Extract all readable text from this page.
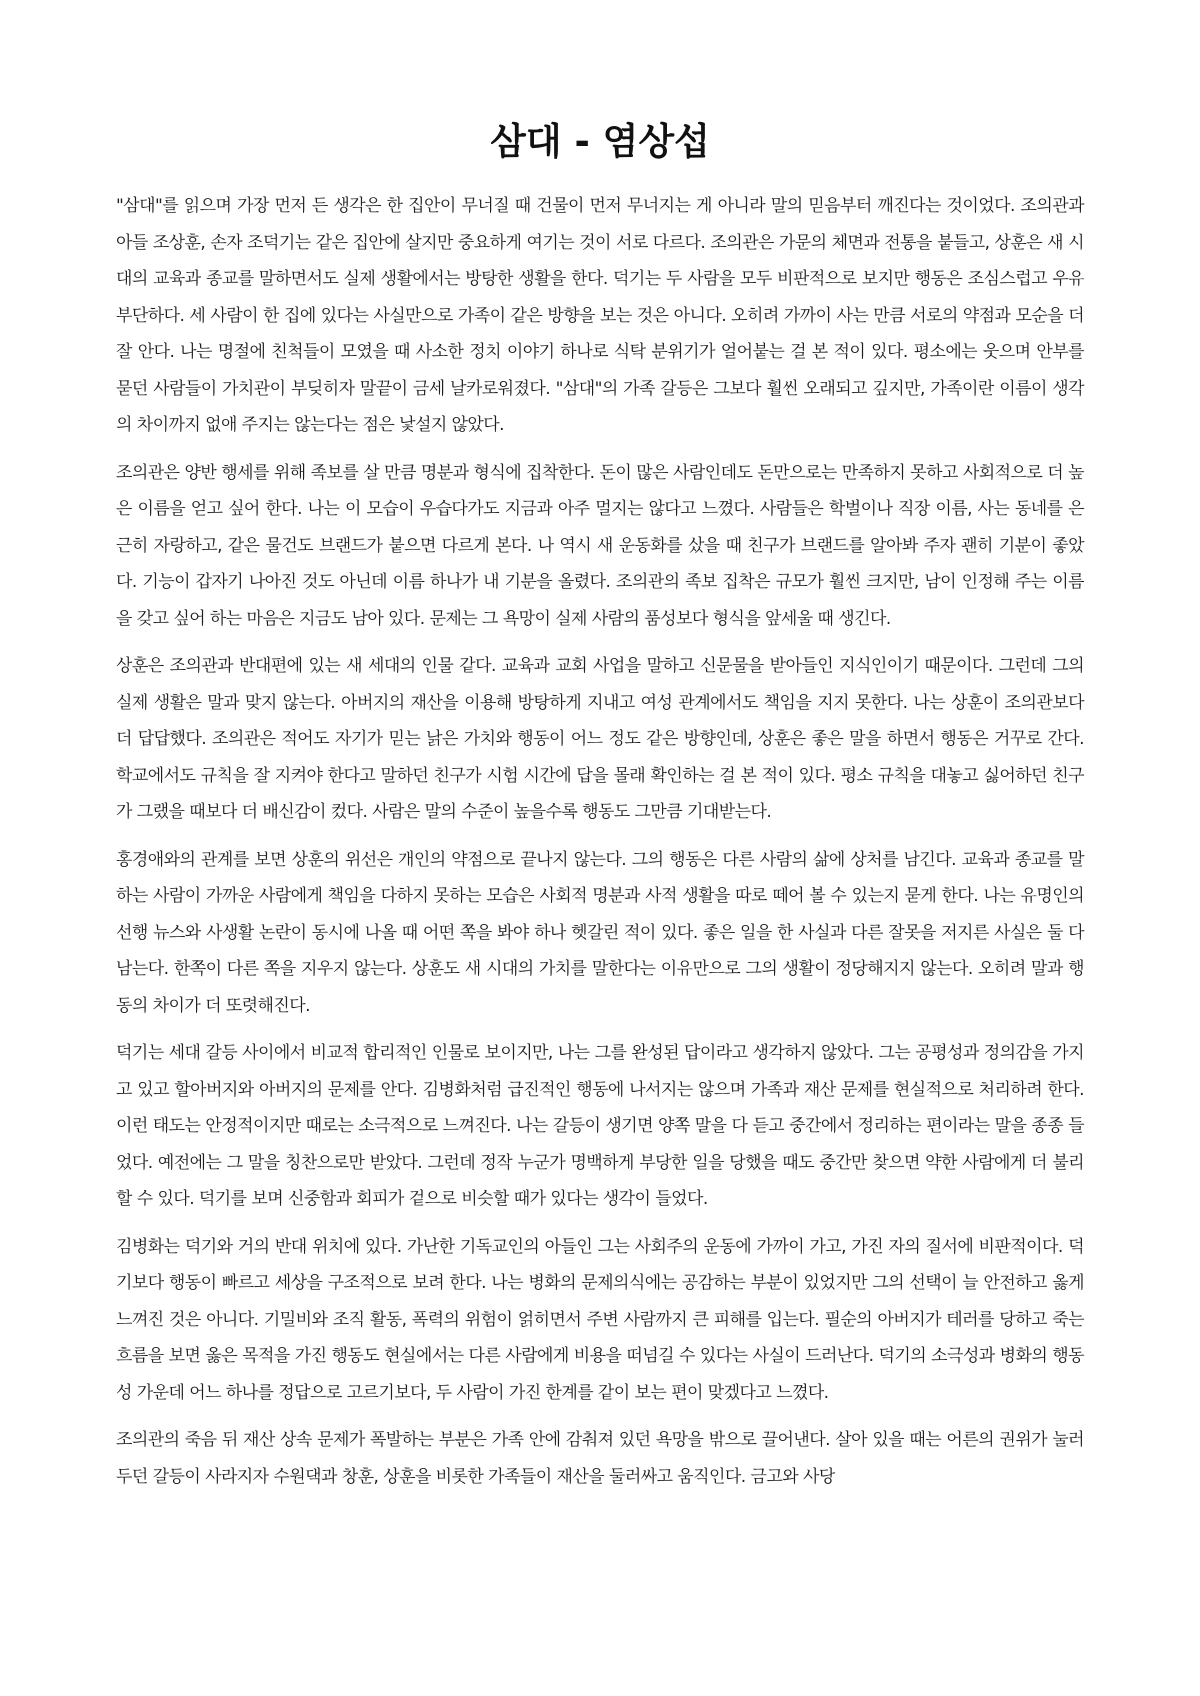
삼대 - 염상섭

"삼대"를 읽으며 가장 먼저 든 생각은 한 집안이 무너질 때 건물이 먼저 무너지는 게 아니라 말의 믿음부터 깨진다는 것이었다. 조의관과 아들 조상훈, 손자 조덕기는 같은 집안에 살지만 중요하게 여기는 것이 서로 다르다. 조의관은 가문의 체면과 전통을 붙들고, 상훈은 새 시대의 교육과 종교를 말하면서도 실제 생활에서는 방탕한 생활을 한다. 덕기는 두 사람을 모두 비판적으로 보지만 행동은 조심스럽고 우유부단하다. 세 사람이 한 집에 있다는 사실만으로 가족이 같은 방향을 보는 것은 아니다. 오히려 가까이 사는 만큼 서로의 약점과 모순을 더 잘 안다. 나는 명절에 친척들이 모였을 때 사소한 정치 이야기 하나로 식탁 분위기가 얼어붙는 걸 본 적이 있다. 평소에는 웃으며 안부를 묻던 사람들이 가치관이 부딪히자 말끝이 금세 날카로워졌다. "삼대"의 가족 갈등은 그보다 훨씬 오래되고 깊지만, 가족이란 이름이 생각의 차이까지 없애 주지는 않는다는 점은 낯설지 않았다.

조의관은 양반 행세를 위해 족보를 살 만큼 명분과 형식에 집착한다. 돈이 많은 사람인데도 돈만으로는 만족하지 못하고 사회적으로 더 높은 이름을 얻고 싶어 한다. 나는 이 모습이 우습다가도 지금과 아주 멀지는 않다고 느꼈다. 사람들은 학벌이나 직장 이름, 사는 동네를 은근히 자랑하고, 같은 물건도 브랜드가 붙으면 다르게 본다. 나 역시 새 운동화를 샀을 때 친구가 브랜드를 알아봐 주자 괜히 기분이 좋았다. 기능이 갑자기 나아진 것도 아닌데 이름 하나가 내 기분을 올렸다. 조의관의 족보 집착은 규모가 훨씬 크지만, 남이 인정해 주는 이름을 갖고 싶어 하는 마음은 지금도 남아 있다. 문제는 그 욕망이 실제 사람의 품성보다 형식을 앞세울 때 생긴다.

상훈은 조의관과 반대편에 있는 새 세대의 인물 같다. 교육과 교회 사업을 말하고 신문물을 받아들인 지식인이기 때문이다. 그런데 그의 실제 생활은 말과 맞지 않는다. 아버지의 재산을 이용해 방탕하게 지내고 여성 관계에서도 책임을 지지 못한다. 나는 상훈이 조의관보다 더 답답했다. 조의관은 적어도 자기가 믿는 낡은 가치와 행동이 어느 정도 같은 방향인데, 상훈은 좋은 말을 하면서 행동은 거꾸로 간다. 학교에서도 규칙을 잘 지켜야 한다고 말하던 친구가 시험 시간에 답을 몰래 확인하는 걸 본 적이 있다. 평소 규칙을 대놓고 싫어하던 친구가 그랬을 때보다 더 배신감이 컸다. 사람은 말의 수준이 높을수록 행동도 그만큼 기대받는다.

홍경애와의 관계를 보면 상훈의 위선은 개인의 약점으로 끝나지 않는다. 그의 행동은 다른 사람의 삶에 상처를 남긴다. 교육과 종교를 말하는 사람이 가까운 사람에게 책임을 다하지 못하는 모습은 사회적 명분과 사적 생활을 따로 떼어 볼 수 있는지 묻게 한다. 나는 유명인의 선행 뉴스와 사생활 논란이 동시에 나올 때 어떤 쪽을 봐야 하나 헷갈린 적이 있다. 좋은 일을 한 사실과 다른 잘못을 저지른 사실은 둘 다 남는다. 한쪽이 다른 쪽을 지우지 않는다. 상훈도 새 시대의 가치를 말한다는 이유만으로 그의 생활이 정당해지지 않는다. 오히려 말과 행동의 차이가 더 또렷해진다.

덕기는 세대 갈등 사이에서 비교적 합리적인 인물로 보이지만, 나는 그를 완성된 답이라고 생각하지 않았다. 그는 공평성과 정의감을 가지고 있고 할아버지와 아버지의 문제를 안다. 김병화처럼 급진적인 행동에 나서지는 않으며 가족과 재산 문제를 현실적으로 처리하려 한다. 이런 태도는 안정적이지만 때로는 소극적으로 느껴진다. 나는 갈등이 생기면 양쪽 말을 다 듣고 중간에서 정리하는 편이라는 말을 종종 들었다. 예전에는 그 말을 칭찬으로만 받았다. 그런데 정작 누군가 명백하게 부당한 일을 당했을 때도 중간만 찾으면 약한 사람에게 더 불리할 수 있다. 덕기를 보며 신중함과 회피가 겉으로 비슷할 때가 있다는 생각이 들었다.

김병화는 덕기와 거의 반대 위치에 있다. 가난한 기독교인의 아들인 그는 사회주의 운동에 가까이 가고, 가진 자의 질서에 비판적이다. 덕기보다 행동이 빠르고 세상을 구조적으로 보려 한다. 나는 병화의 문제의식에는 공감하는 부분이 있었지만 그의 선택이 늘 안전하고 옳게 느껴진 것은 아니다. 기밀비와 조직 활동, 폭력의 위험이 얽히면서 주변 사람까지 큰 피해를 입는다. 필순의 아버지가 테러를 당하고 죽는 흐름을 보면 옳은 목적을 가진 행동도 현실에서는 다른 사람에게 비용을 떠넘길 수 있다는 사실이 드러난다. 덕기의 소극성과 병화의 행동성 가운데 어느 하나를 정답으로 고르기보다, 두 사람이 가진 한계를 같이 보는 편이 맞겠다고 느꼈다.

조의관의 죽음 뒤 재산 상속 문제가 폭발하는 부분은 가족 안에 감춰져 있던 욕망을 밖으로 끌어낸다. 살아 있을 때는 어른의 권위가 눌러 두던 갈등이 사라지자 수원댁과 창훈, 상훈을 비롯한 가족들이 재산을 둘러싸고 움직인다. 금고와 사당
